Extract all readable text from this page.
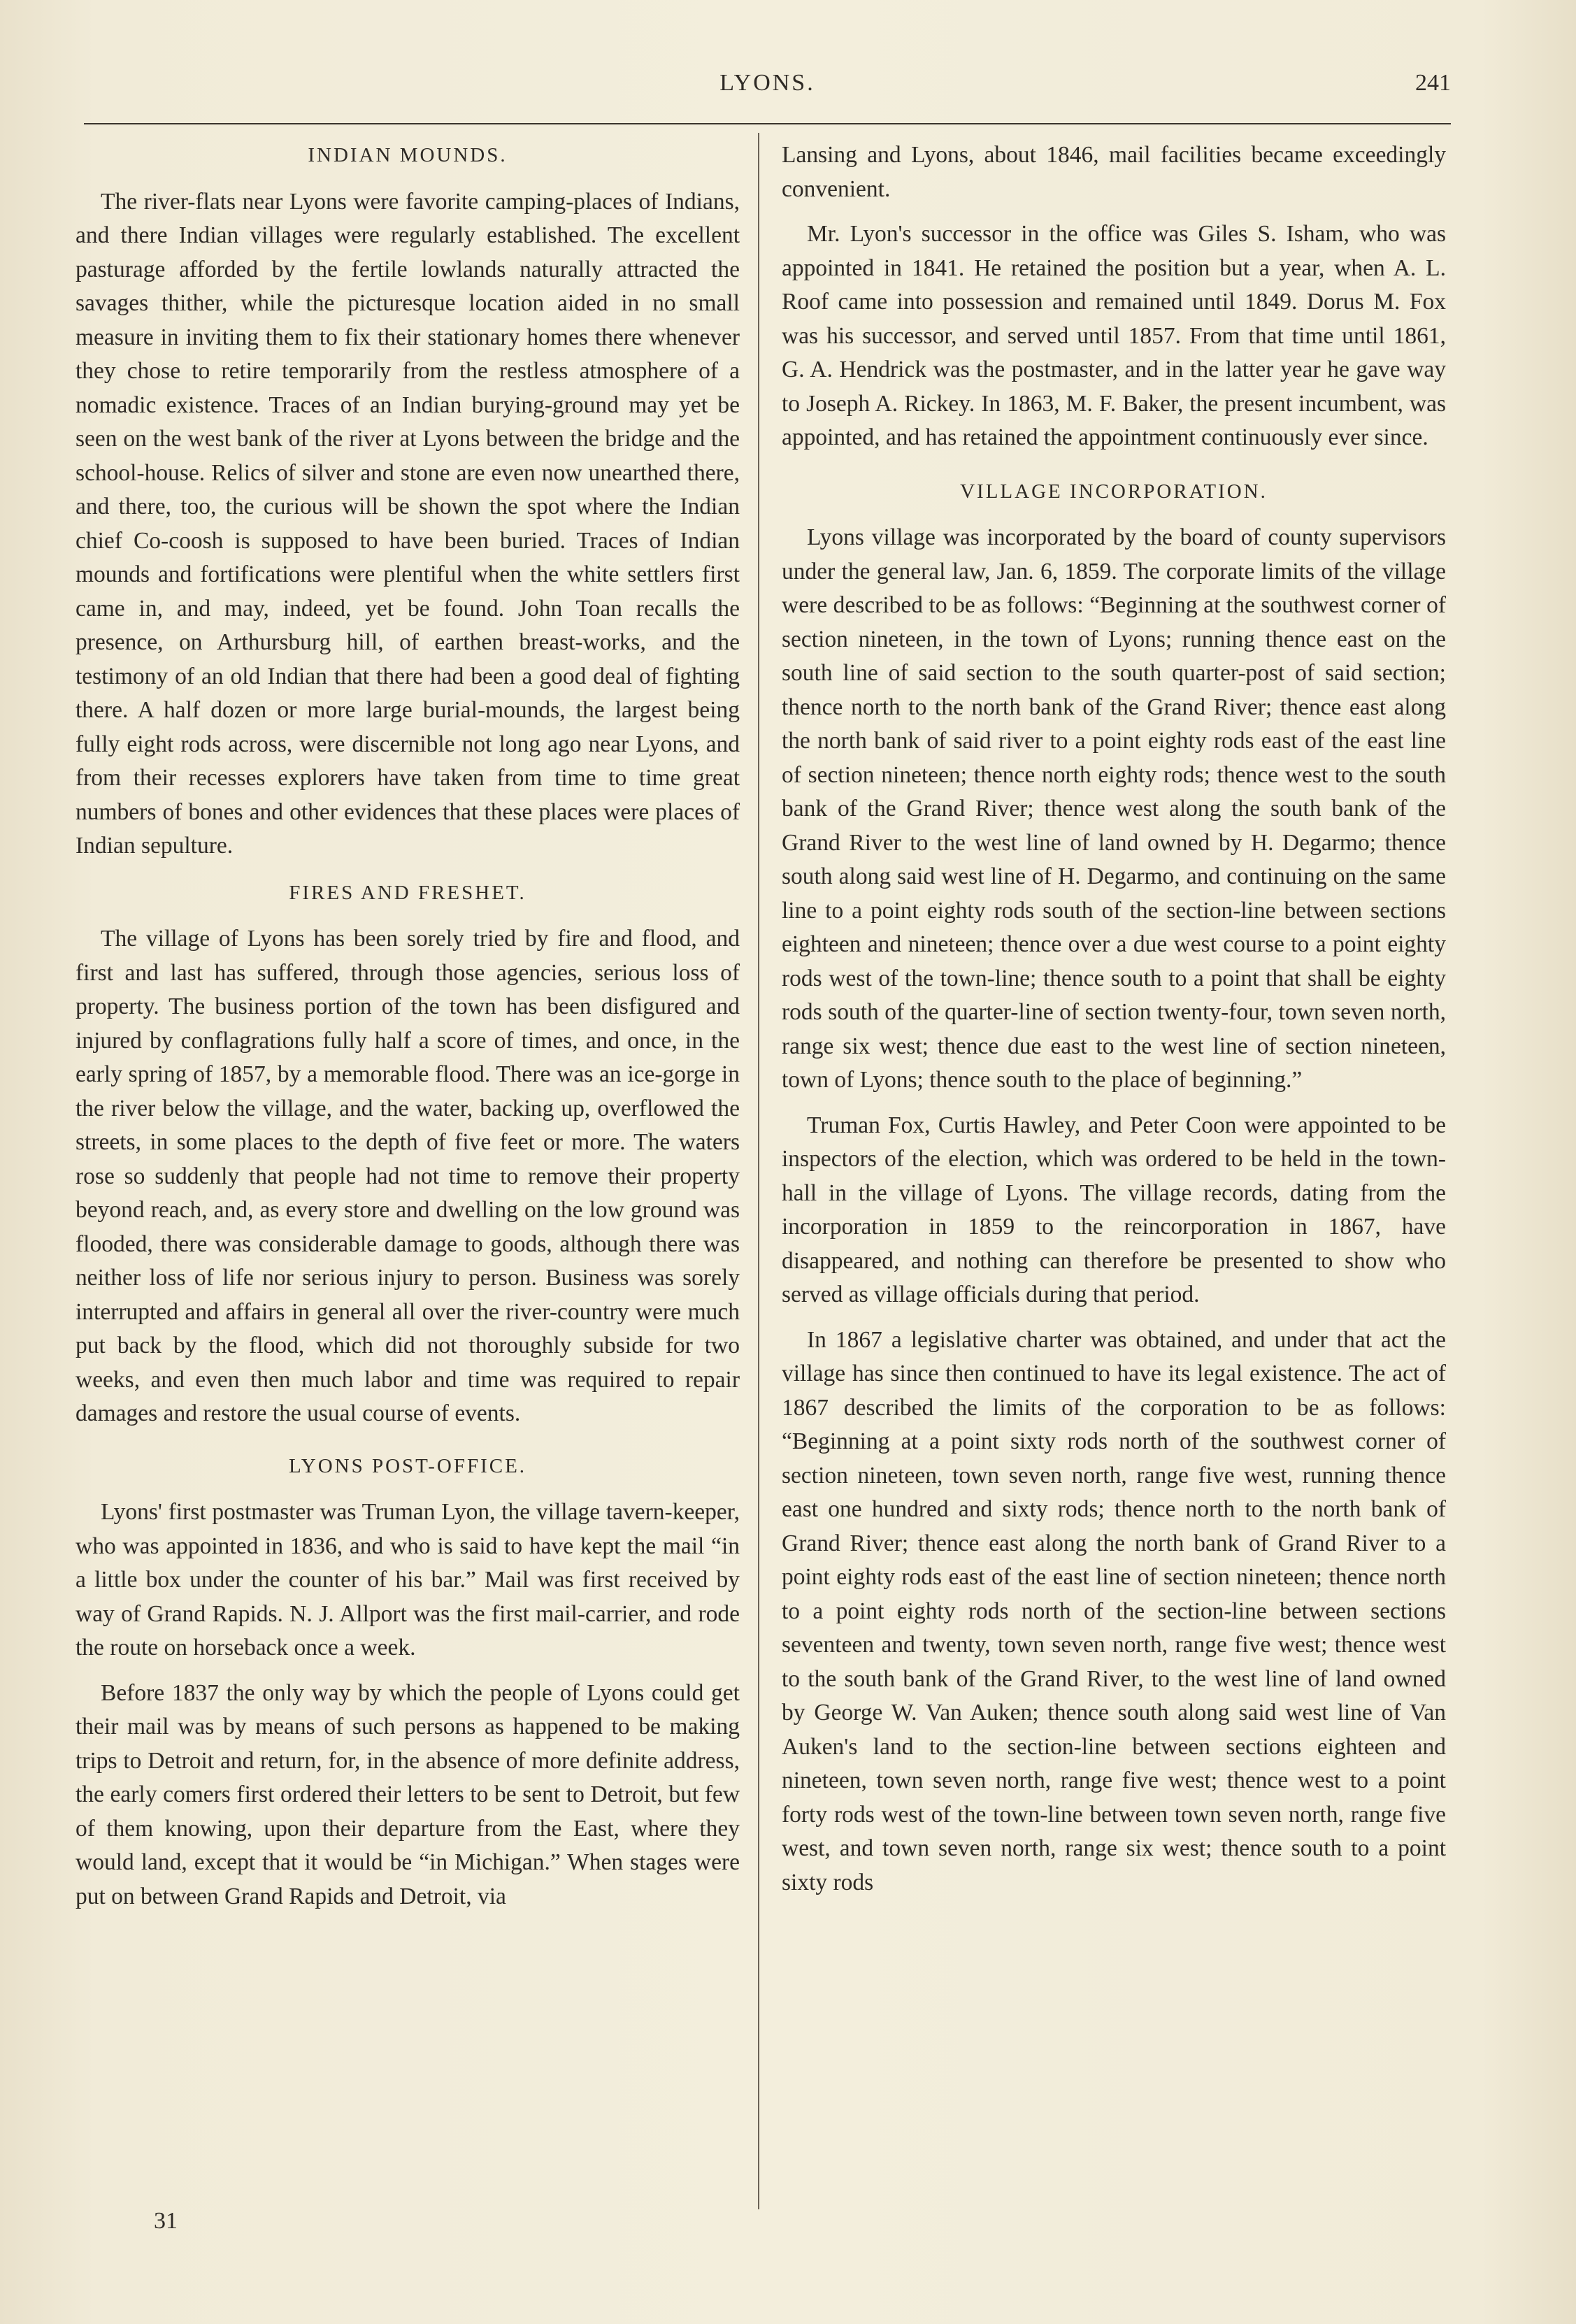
LYONS.	241
INDIAN MOUNDS.

The river-flats near Lyons were favorite camping-places of Indians, and there Indian villages were regularly established. The excellent pasturage afforded by the fertile lowlands naturally attracted the savages thither, while the picturesque location aided in no small measure in inviting them to fix their stationary homes there whenever they chose to retire temporarily from the restless atmosphere of a nomadic existence. Traces of an Indian burying-ground may yet be seen on the west bank of the river at Lyons between the bridge and the school-house. Relics of silver and stone are even now unearthed there, and there, too, the curious will be shown the spot where the Indian chief Co-coosh is supposed to have been buried. Traces of Indian mounds and fortifications were plentiful when the white settlers first came in, and may, indeed, yet be found. John Toan recalls the presence, on Arthursburg hill, of earthen breast-works, and the testimony of an old Indian that there had been a good deal of fighting there. A half dozen or more large burial-mounds, the largest being fully eight rods across, were discernible not long ago near Lyons, and from their recesses explorers have taken from time to time great numbers of bones and other evidences that these places were places of Indian sepulture.

FIRES AND FRESHET.

The village of Lyons has been sorely tried by fire and flood, and first and last has suffered, through those agencies, serious loss of property. The business portion of the town has been disfigured and injured by conflagrations fully half a score of times, and once, in the early spring of 1857, by a memorable flood. There was an ice-gorge in the river below the village, and the water, backing up, overflowed the streets, in some places to the depth of five feet or more. The waters rose so suddenly that people had not time to remove their property beyond reach, and, as every store and dwelling on the low ground was flooded, there was considerable damage to goods, although there was neither loss of life nor serious injury to person. Business was sorely interrupted and affairs in general all over the river-country were much put back by the flood, which did not thoroughly subside for two weeks, and even then much labor and time was required to repair damages and restore the usual course of events.

LYONS POST-OFFICE.

Lyons' first postmaster was Truman Lyon, the village tavern-keeper, who was appointed in 1836, and who is said to have kept the mail “in a little box under the counter of his bar.” Mail was first received by way of Grand Rapids. N. J. Allport was the first mail-carrier, and rode the route on horseback once a week.

Before 1837 the only way by which the people of Lyons could get their mail was by means of such persons as happened to be making trips to Detroit and return, for, in the absence of more definite address, the early comers first ordered their letters to be sent to Detroit, but few of them knowing, upon their departure from the East, where they would land, except that it would be “in Michigan.” When stages were put on between Grand Rapids and Detroit, via

Lansing and Lyons, about 1846, mail facilities became exceedingly convenient.

Mr. Lyon's successor in the office was Giles S. Isham, who was appointed in 1841. He retained the position but a year, when A. L. Roof came into possession and remained until 1849. Dorus M. Fox was his successor, and served until 1857. From that time until 1861, G. A. Hendrick was the postmaster, and in the latter year he gave way to Joseph A. Rickey. In 1863, M. F. Baker, the present incumbent, was appointed, and has retained the appointment continuously ever since.

VILLAGE INCORPORATION.

Lyons village was incorporated by the board of county supervisors under the general law, Jan. 6, 1859. The corporate limits of the village were described to be as follows: “Beginning at the southwest corner of section nineteen, in the town of Lyons; running thence east on the south line of said section to the south quarter-post of said section; thence north to the north bank of the Grand River; thence east along the north bank of said river to a point eighty rods east of the east line of section nineteen; thence north eighty rods; thence west to the south bank of the Grand River; thence west along the south bank of the Grand River to the west line of land owned by H. Degarmo; thence south along said west line of H. Degarmo, and continuing on the same line to a point eighty rods south of the section-line between sections eighteen and nineteen; thence over a due west course to a point eighty rods west of the town-line; thence south to a point that shall be eighty rods south of the quarter-line of section twenty-four, town seven north, range six west; thence due east to the west line of section nineteen, town of Lyons; thence south to the place of beginning.”

Truman Fox, Curtis Hawley, and Peter Coon were appointed to be inspectors of the election, which was ordered to be held in the town-hall in the village of Lyons. The village records, dating from the incorporation in 1859 to the reincorporation in 1867, have disappeared, and nothing can therefore be presented to show who served as village officials during that period.

In 1867 a legislative charter was obtained, and under that act the village has since then continued to have its legal existence. The act of 1867 described the limits of the corporation to be as follows: “Beginning at a point sixty rods north of the southwest corner of section nineteen, town seven north, range five west, running thence east one hundred and sixty rods; thence north to the north bank of Grand River; thence east along the north bank of Grand River to a point eighty rods east of the east line of section nineteen; thence north to a point eighty rods north of the section-line between sections seventeen and twenty, town seven north, range five west; thence west to the south bank of the Grand River, to the west line of land owned by George W. Van Auken; thence south along said west line of Van Auken's land to the section-line between sections eighteen and nineteen, town seven north, range five west; thence west to a point forty rods west of the town-line between town seven north, range five west, and town seven north, range six west; thence south to a point sixty rods

31
